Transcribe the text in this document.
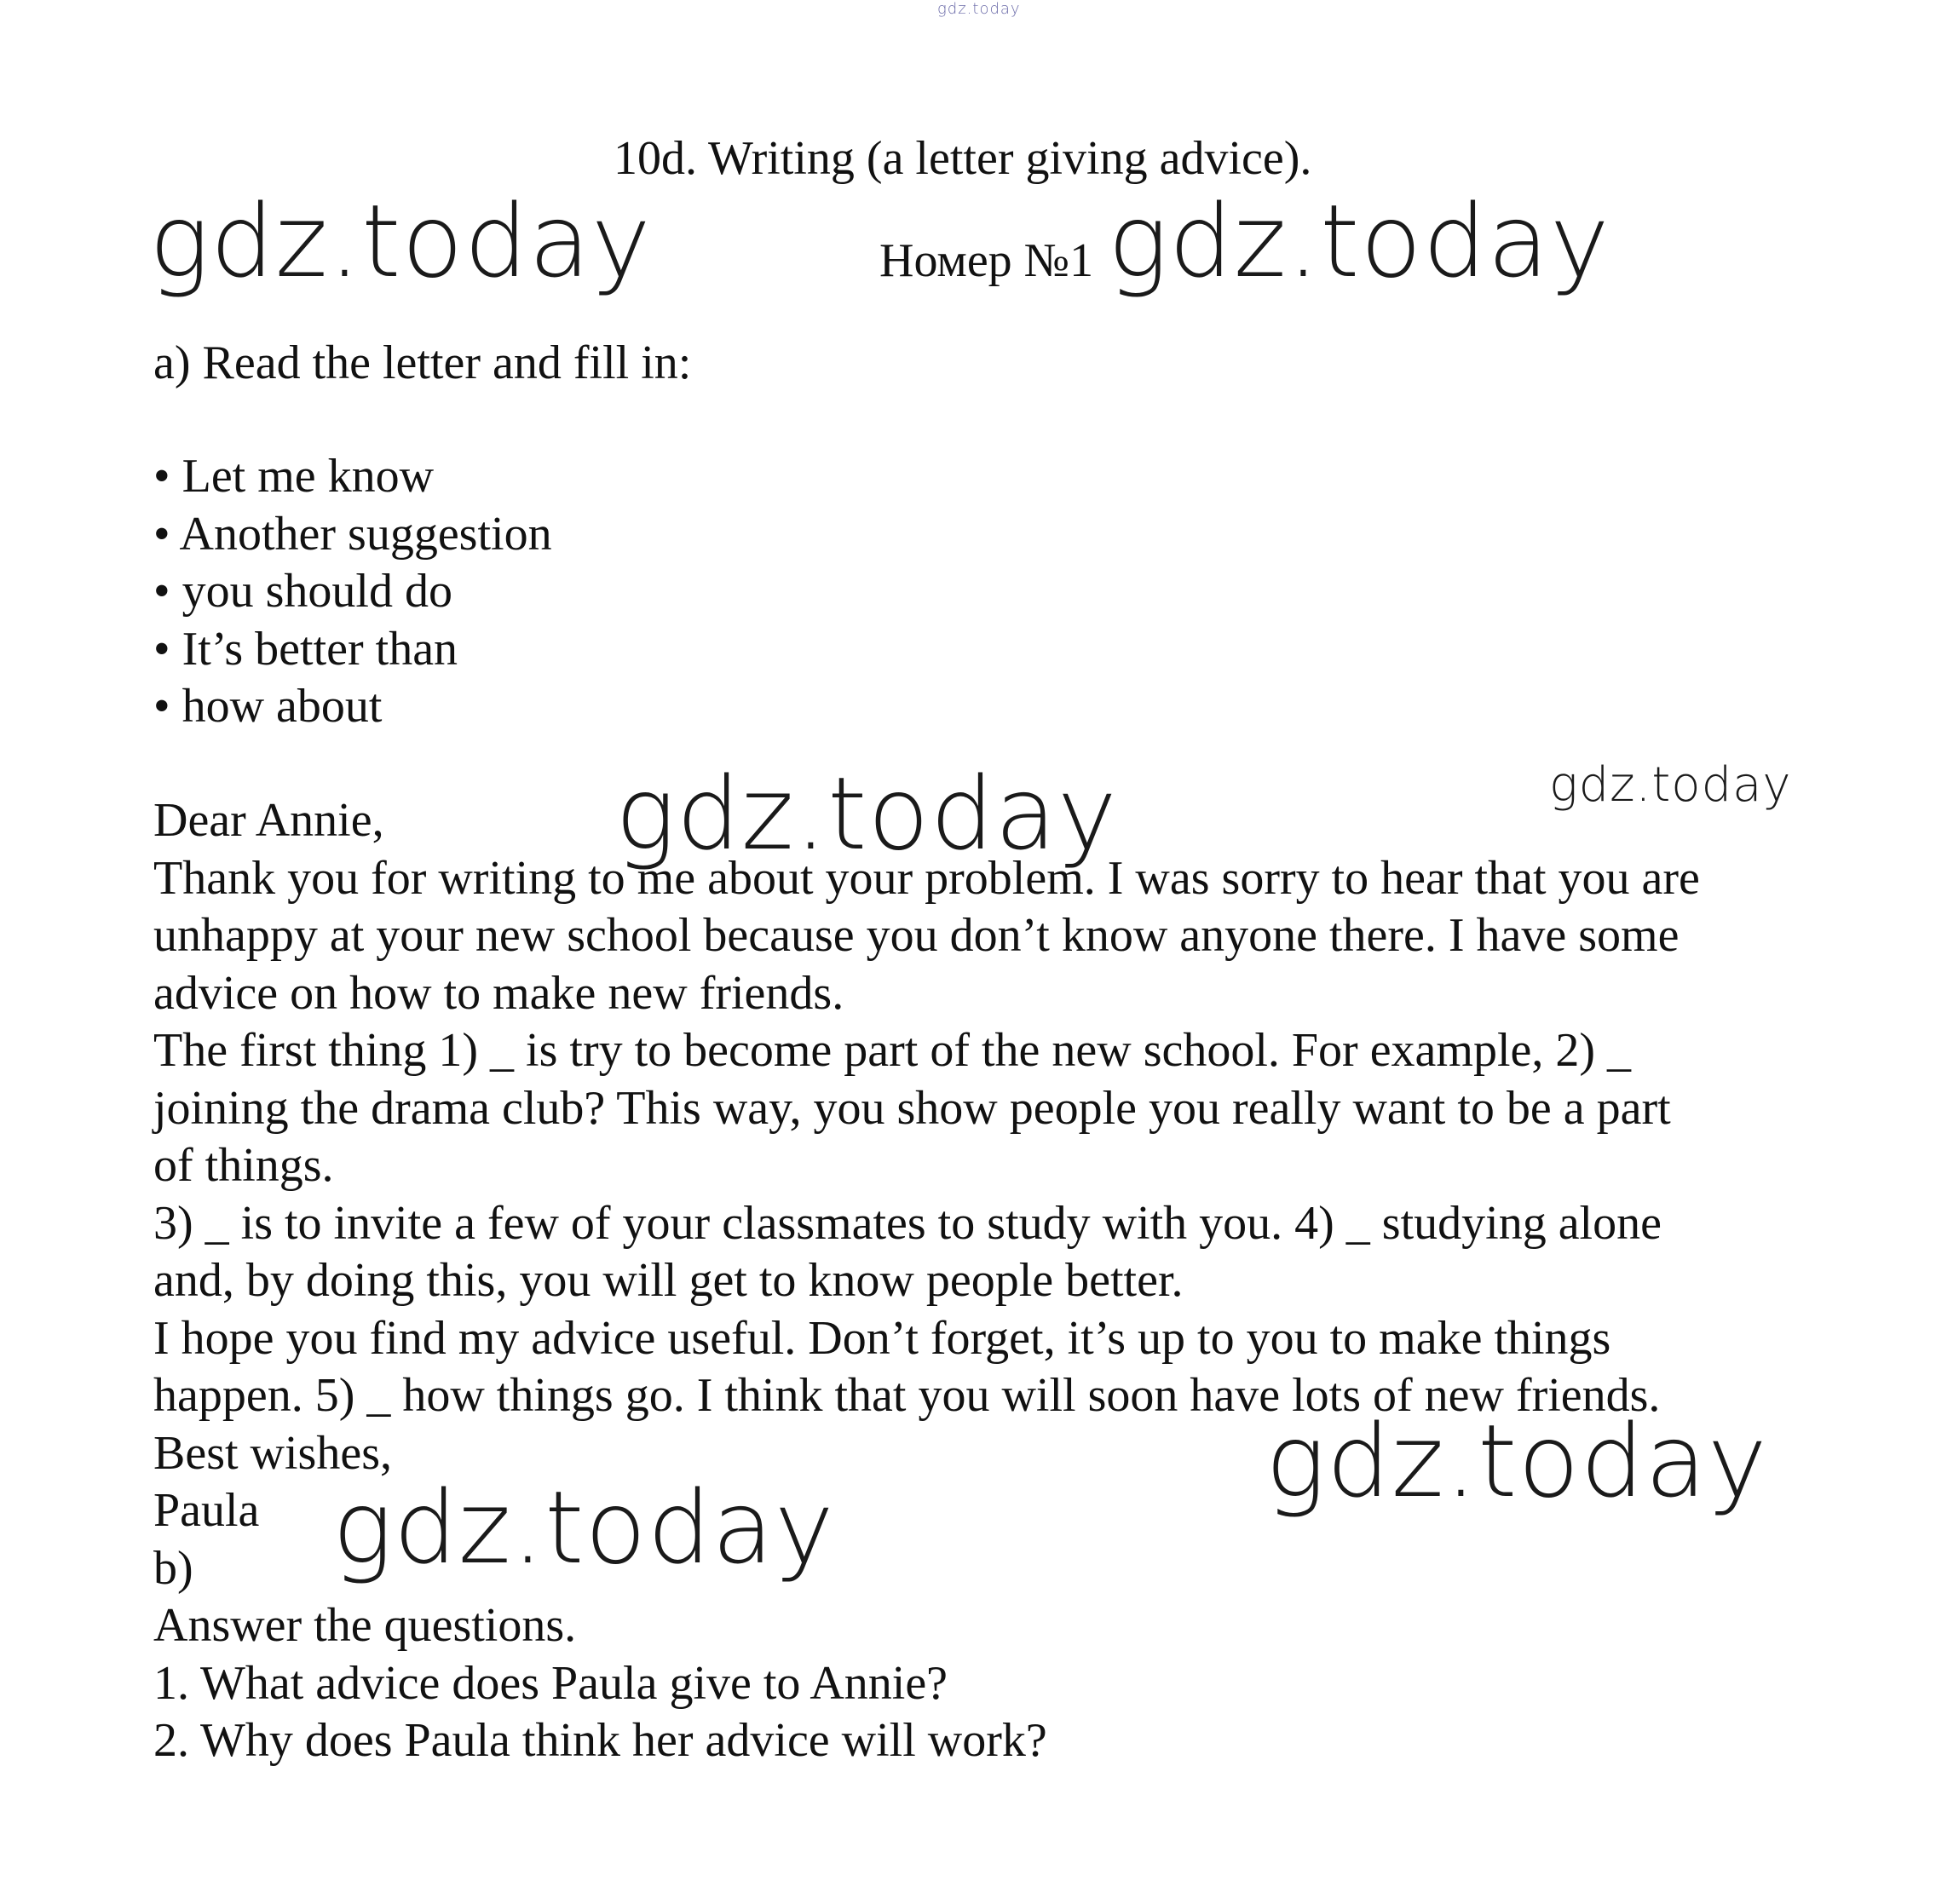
gdz.today
10d. Writing (a letter giving advice).
gdz.today	Номер №1 gdz.today
a) Read the letter and fill in:
• Let me know
• Another suggestion
• you should do
• It’s better than
• how about
gdz.today	gdz.today
Dear Annie,
Thank you for writing to me about your problem. I was sorry to hear that you are
unhappy at your new school because you don’t know anyone there. I have some
advice on how to make new friends.
The first thing 1) _ is try to become part of the new school. For example, 2) _
joining the drama club? This way, you show people you really want to be a part
of things.
3) _ is to invite a few of your classmates to study with you. 4) _ studying alone
and, by doing this, you will get to know people better.
I hope you find my advice useful. Don’t forget, it’s up to you to make things
happen. 5) _ how things go. I think that you will soon have lots of new friends.
Best wishes,
Paula
b)
Answer the questions.
1. What advice does Paula give to Annie?
2. Why does Paula think her advice will work?
gdz.today
gdz.today
